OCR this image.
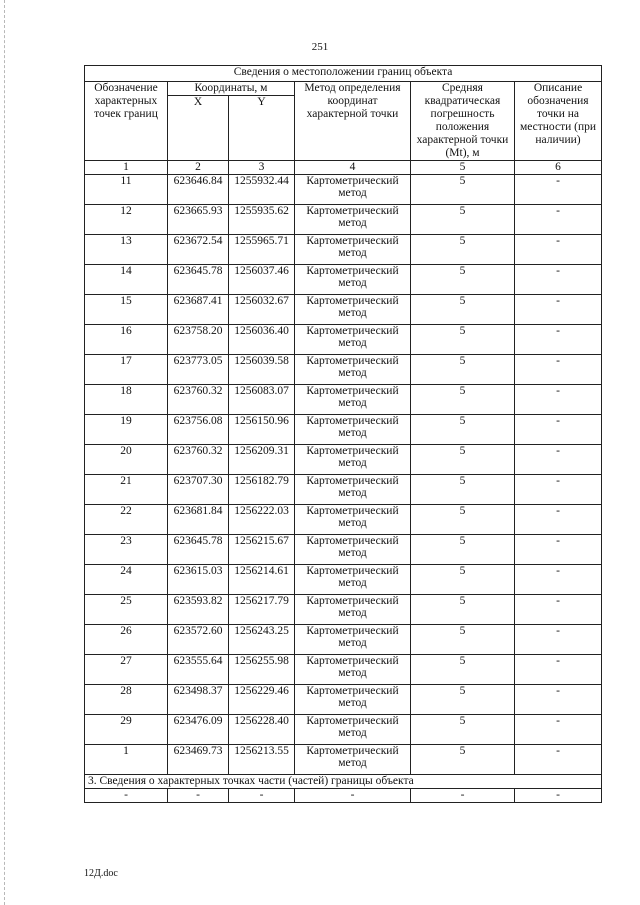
251
Сведения о местоположении границ объекта					
Обозначение характерных точек границ	Координаты, м		Метод определения координат характерной точки	Средняя квадратическая погрешность положения характерной точки (Mt), м	Описание обозначения точки на местности (при наличии)
	X	Y			
1	2	3	4	5	6
11	623646.84	1255932.44	Картометрический метод	5	-
12	623665.93	1255935.62	Картометрический метод	5	-
13	623672.54	1255965.71	Картометрический метод	5	-
14	623645.78	1256037.46	Картометрический метод	5	-
15	623687.41	1256032.67	Картометрический метод	5	-
16	623758.20	1256036.40	Картометрический метод	5	-
17	623773.05	1256039.58	Картометрический метод	5	-
18	623760.32	1256083.07	Картометрический метод	5	-
19	623756.08	1256150.96	Картометрический метод	5	-
20	623760.32	1256209.31	Картометрический метод	5	-
21	623707.30	1256182.79	Картометрический метод	5	-
22	623681.84	1256222.03	Картометрический метод	5	-
23	623645.78	1256215.67	Картометрический метод	5	-
24	623615.03	1256214.61	Картометрический метод	5	-
25	623593.82	1256217.79	Картометрический метод	5	-
26	623572.60	1256243.25	Картометрический метод	5	-
27	623555.64	1256255.98	Картометрический метод	5	-
28	623498.37	1256229.46	Картометрический метод	5	-
29	623476.09	1256228.40	Картометрический метод	5	-
1	623469.73	1256213.55	Картометрический метод	5	-
3. Сведения о характерных точках части (частей) границы объекта					
-	-	-	-	-	-
12Д.doc
